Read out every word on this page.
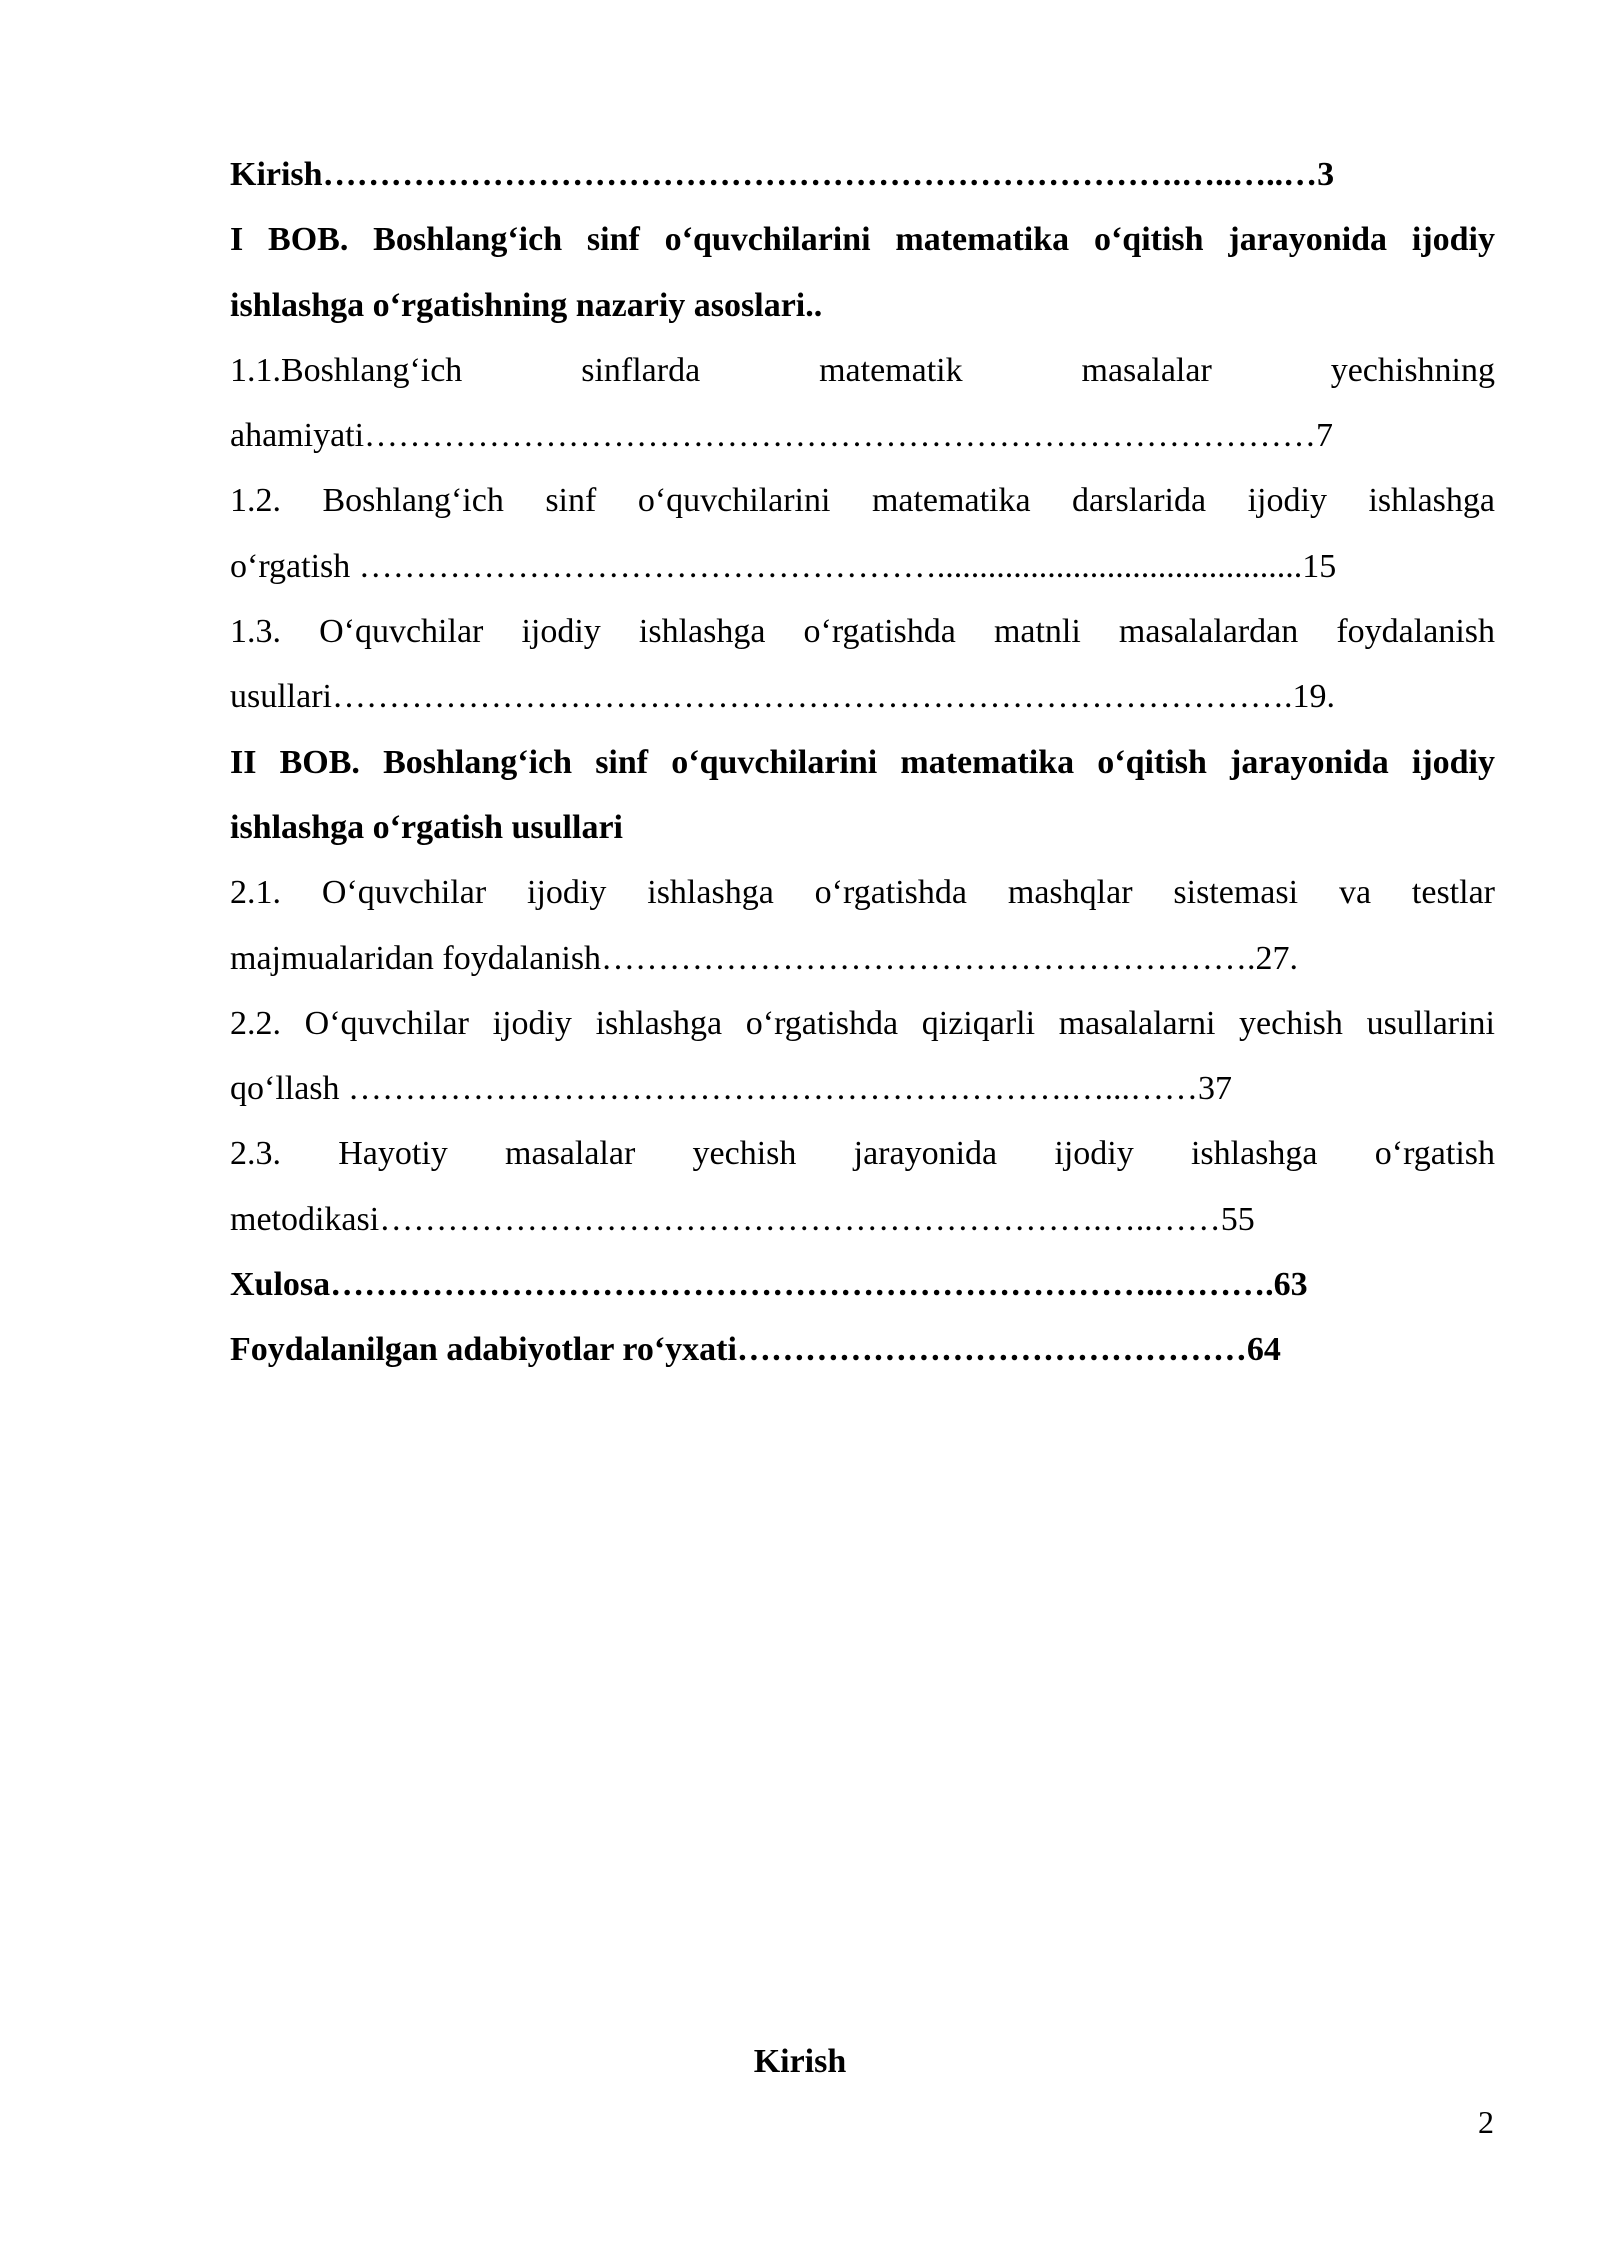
Kirish………………………………………………………………….…..…..…3

I BOB. Boshlang‘ich sinf o‘quvchilarini matematika o‘qitish jarayonida ijodiy

ishlashga o‘rgatishning nazariy asoslari..

1.1.Boshlang‘ich sinflarda matematik masalalar yechishning

ahamiyati…………………………………………………………………………7

1.2. Boshlang‘ich sinf o‘quvchilarini matematika darslarida ijodiy ishlashga

o‘rgatish ……………………………………………...........................................15

1.3. O‘quvchilar ijodiy ishlashga o‘rgatishda matnli masalalardan foydalanish

usullari………………………………………………………………………….19.

II BOB. Boshlang‘ich sinf o‘quvchilarini matematika o‘qitish jarayonida ijodiy

ishlashga o‘rgatish usullari

2.1. O‘quvchilar ijodiy ishlashga o‘rgatishda mashqlar sistemasi va testlar

majmualaridan foydalanish………………………………………………….27.

2.2. O‘quvchilar ijodiy ishlashga o‘rgatishda qiziqarli masalalarni yechish usullarini

qo‘llash ……………………………………………………….…...……37

2.3. Hayotiy masalalar yechish jarayonida ijodiy ishlashga o‘rgatish

metodikasi……………………………………………………….…..……55

Xulosa………………………………………………………………..……….63

Foydalanilgan adabiyotlar ro‘yxati………………………………………64

Kirish
2
